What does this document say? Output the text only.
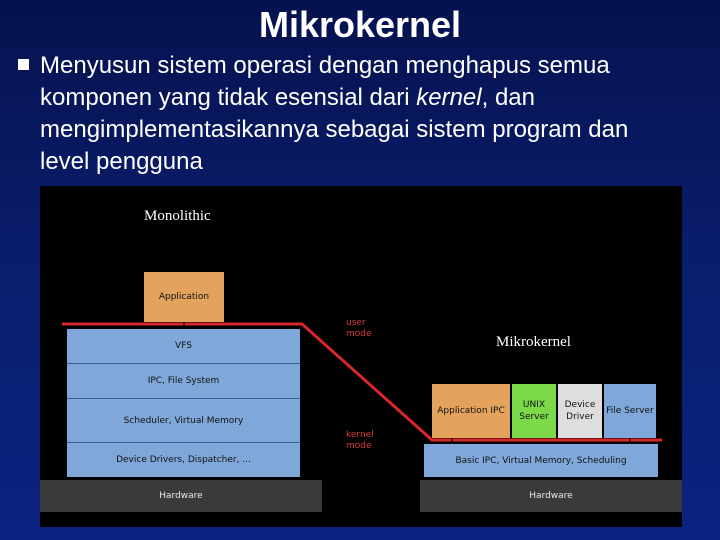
Mikrokernel
Menyusun sistem operasi dengan menghapus semua komponen yang tidak esensial dari kernel, dan mengimplementasikannya sebagai sistem program dan level pengguna
Monolithic
Mikrokernel
user mode
kernel mode
Application
VFS
IPC, File System
Scheduler, Virtual Memory
Device Drivers, Dispatcher, ...
Hardware
Application IPC
UNIX Server
Device Driver
File Server
Basic IPC, Virtual Memory, Scheduling
Hardware
